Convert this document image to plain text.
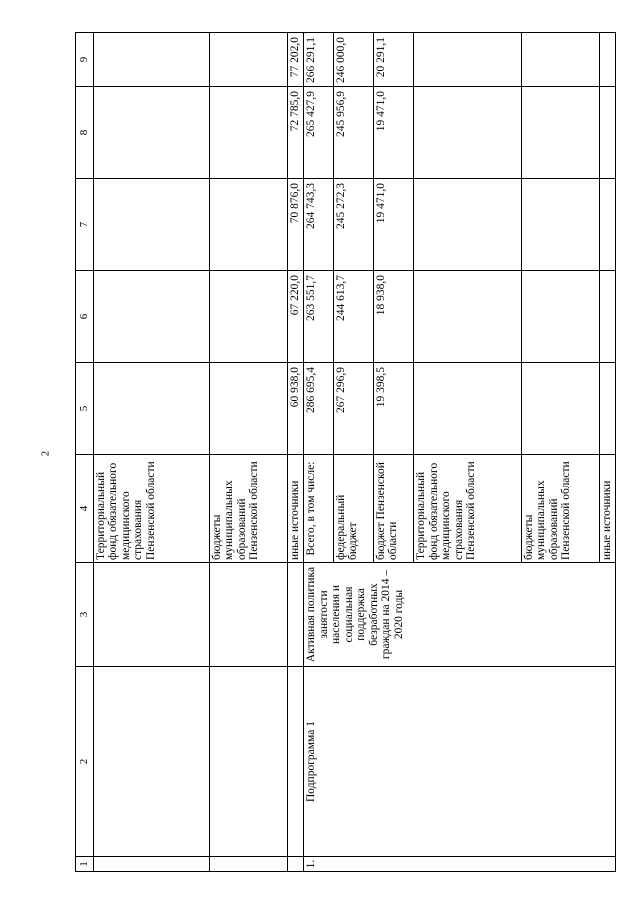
2
1	2	3	4	5	6	7	8	9
			Территориальный фонд обязательного медицинского страхования Пензенской области					
			бюджеты муниципальных образований Пензенской области					
			иные источники	60 938,0	67 220,0	70 876,0	72 785,0	77 202,0
1.	Подпрограмма 1	Активная политика занятости населения и социальная поддержка безработных граждан на 2014 – 2020 годы	Всего, в том числе:	286 695,4	263 551,7	264 743,3	265 427,9	266 291,1
			федеральный бюджет	267 296,9	244 613,7	245 272,3	245 956,9	246 000,0
			бюджет Пензенской области	19 398,5	18 938,0	19 471,0	19 471,0	20 291,1
			Территориальный фонд обязательного медицинского страхования Пензенской области					
			бюджеты муниципальных образований Пензенской области					
			иные источники					
